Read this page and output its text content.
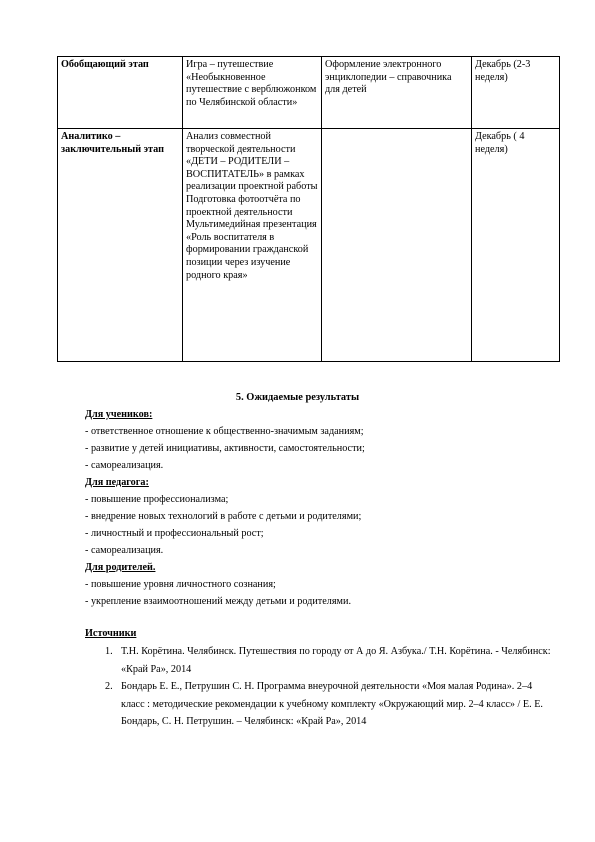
Обобщающий этап	Игра – путешествие «Необыкновенное путешествие с верблюжонком по Челябинской области»	Оформление электронного энциклопедии – справочника для детей	Декабрь (2-3 неделя)
Аналитико – заключительный этап	Анализ совместной творческой деятельности «ДЕТИ – РОДИТЕЛИ – ВОСПИТАТЕЛЬ» в рамках реализации проектной работы Подготовка фотоотчёта по проектной деятельности Мультимедийная презентация «Роль воспитателя в формировании гражданской позиции через изучение родного края»		Декабрь ( 4 неделя)
5. Ожидаемые результаты
Для учеников:
- ответственное отношение к общественно-значимым заданиям;
- развитие у детей инициативы, активности, самостоятельности;
- самореализация.
Для педагога:
- повышение профессионализма;
- внедрение новых технологий в работе с детьми и родителями;
- личностный и профессиональный рост;
- самореализация.
Для родителей.
- повышение уровня личностного сознания;
- укрепление взаимоотношений между детьми и родителями.
Источники
1. Т.Н. Корётина. Челябинск. Путешествия по городу от А до Я. Азбука./ Т.Н. Корётина. - Челябинск: «Край Ра», 2014
2. Бондарь Е. Е., Петрушин С. Н. Программа внеурочной деятельности «Моя малая Родина». 2–4 класс : методические рекомендации к учебному комплекту «Окружающий мир. 2–4 класс» / Е. Е. Бондарь, С. Н. Петрушин. – Челябинск: «Край Ра», 2014
